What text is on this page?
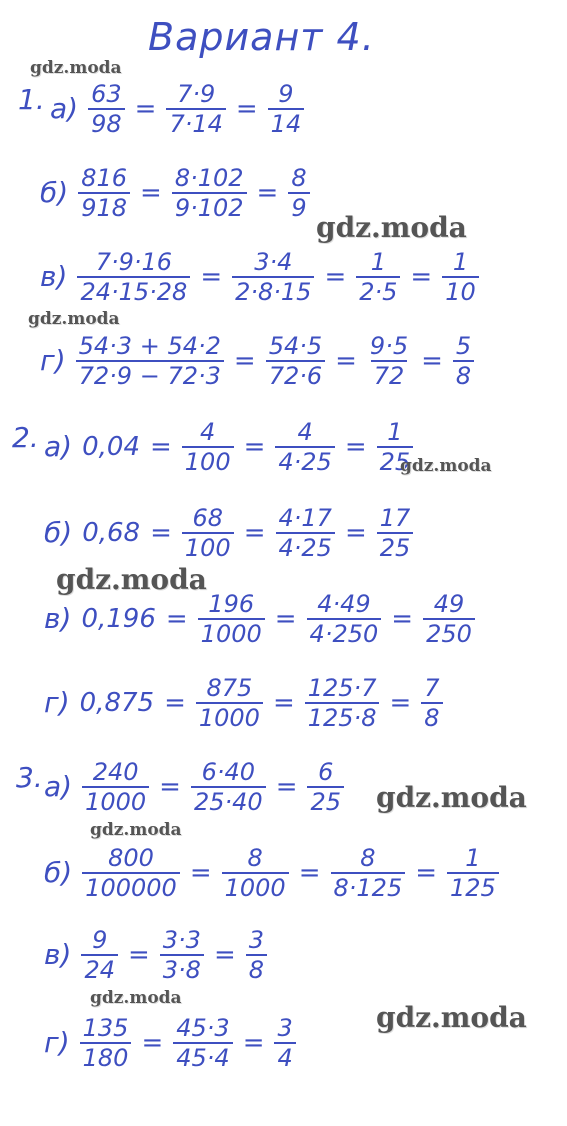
Вариант 4.
1. $а) \frac{63}{98} = \frac{7\cdot 9}{7\cdot 14} = \frac{9}{14}$
$б) \frac{816}{918} = \frac{8\cdot 102}{9\cdot 102} = \frac{8}{9}$
$в) \frac{7\cdot 9\cdot 16}{24\cdot 15\cdot 28} = \frac{3\cdot 4}{2\cdot 8\cdot 15} = \frac{1}{2\cdot 5} = \frac{1}{10}$
$г) \frac{54\cdot 3 + 54\cdot 2}{72\cdot 9 - 72\cdot 3} = \frac{54\cdot 5}{72\cdot 6} = \frac{9\cdot 5}{72} = \frac{5}{8}$
2. а) $0,04 = \frac{4}{100} = \frac{4}{4\cdot 25} = \frac{1}{25}$
б) $0,68 = \frac{68}{100} = \frac{4\cdot 17}{4\cdot 25} = \frac{17}{25}$
в) $0,196 = \frac{196}{1000} = \frac{4\cdot 49}{4\cdot 250} = \frac{49}{250}$
г) $0,875 = \frac{875}{1000} = \frac{125\cdot 7}{125\cdot 8} = \frac{7}{8}$
3. $а) \frac{240}{1000} = \frac{6\cdot 40}{25\cdot 40} = \frac{6}{25}$
$б) \frac{800}{100000} = \frac{8}{1000} = \frac{8}{8\cdot 125} = \frac{1}{125}$
$в) \frac{9}{24} = \frac{3\cdot 3}{3\cdot 8} = \frac{3}{8}$
$г) \frac{135}{180} = \frac{45\cdot 3}{45\cdot 4} = \frac{3}{4}$
gdz.moda
gdz.moda
gdz.moda
gdz.moda
gdz.moda
gdz.moda
gdz.moda
gdz.moda
gdz.moda
